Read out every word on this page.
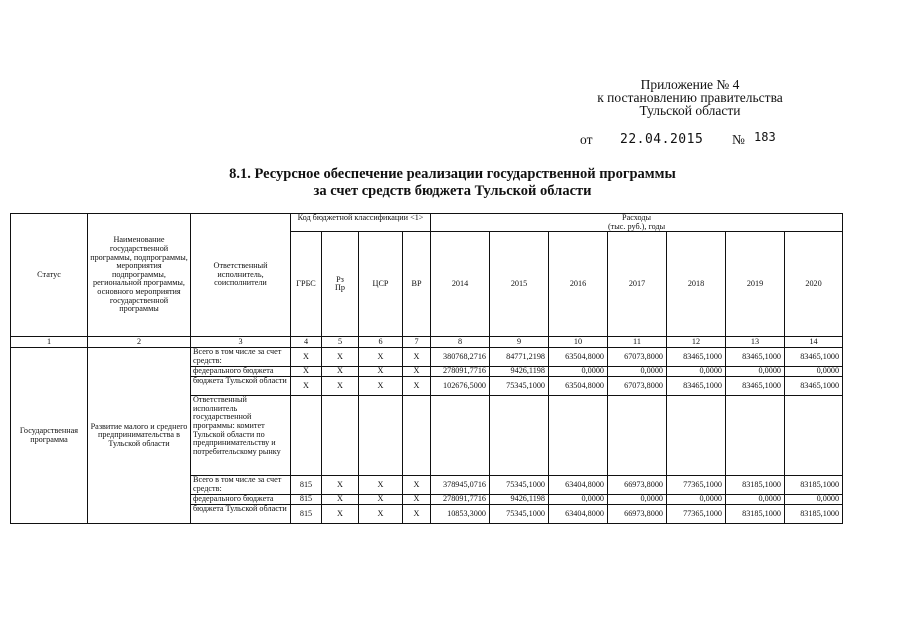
Приложение № 4
к постановлению правительства
Тульской области
от 22.04.2015 № 183
8.1. Ресурсное обеспечение реализации государственной программы
за счет средств бюджета Тульской области
Статус	Наименование государственной программы, подпрограммы, мероприятия подпрограммы, региональной программы, основного мероприятия государственной программы	Ответственный исполнитель, соисполнители	Код бюджетной классификации <1>				Расходы
(тыс. руб.), годы						

			ГРБС	Рз
Пр	ЦСР	ВР	2014	2015	2016	2017	2018	2019	2020
1	2	3	4	5	6	7	8	9	10	11	12	13	14
Государственная программа	Развитие малого и среднего предпринимательства в Тульской области	Всего в том числе за счет средств:	X	X	X	X	380768,2716	84771,2198	63504,8000	67073,8000	83465,1000	83465,1000	83465,1000
		федерального бюджета	X	X	X	X	278091,7716	9426,1198	0,0000	0,0000	0,0000	0,0000	0,0000
		бюджета Тульской области	X	X	X	X	102676,5000	75345,1000	63504,8000	67073,8000	83465,1000	83465,1000	83465,1000
		Ответственный исполнитель государственной программы: комитет Тульской области по предпринимательству и потребительскому рынку											
		Всего в том числе за счет средств:	815	X	X	X	378945,0716	75345,1000	63404,8000	66973,8000	77365,1000	83185,1000	83185,1000
		федерального бюджета	815	X	X	X	278091,7716	9426,1198	0,0000	0,0000	0,0000	0,0000	0,0000
		бюджета Тульской области	815	X	X	X	10853,3000	75345,1000	63404,8000	66973,8000	77365,1000	83185,1000	83185,1000
